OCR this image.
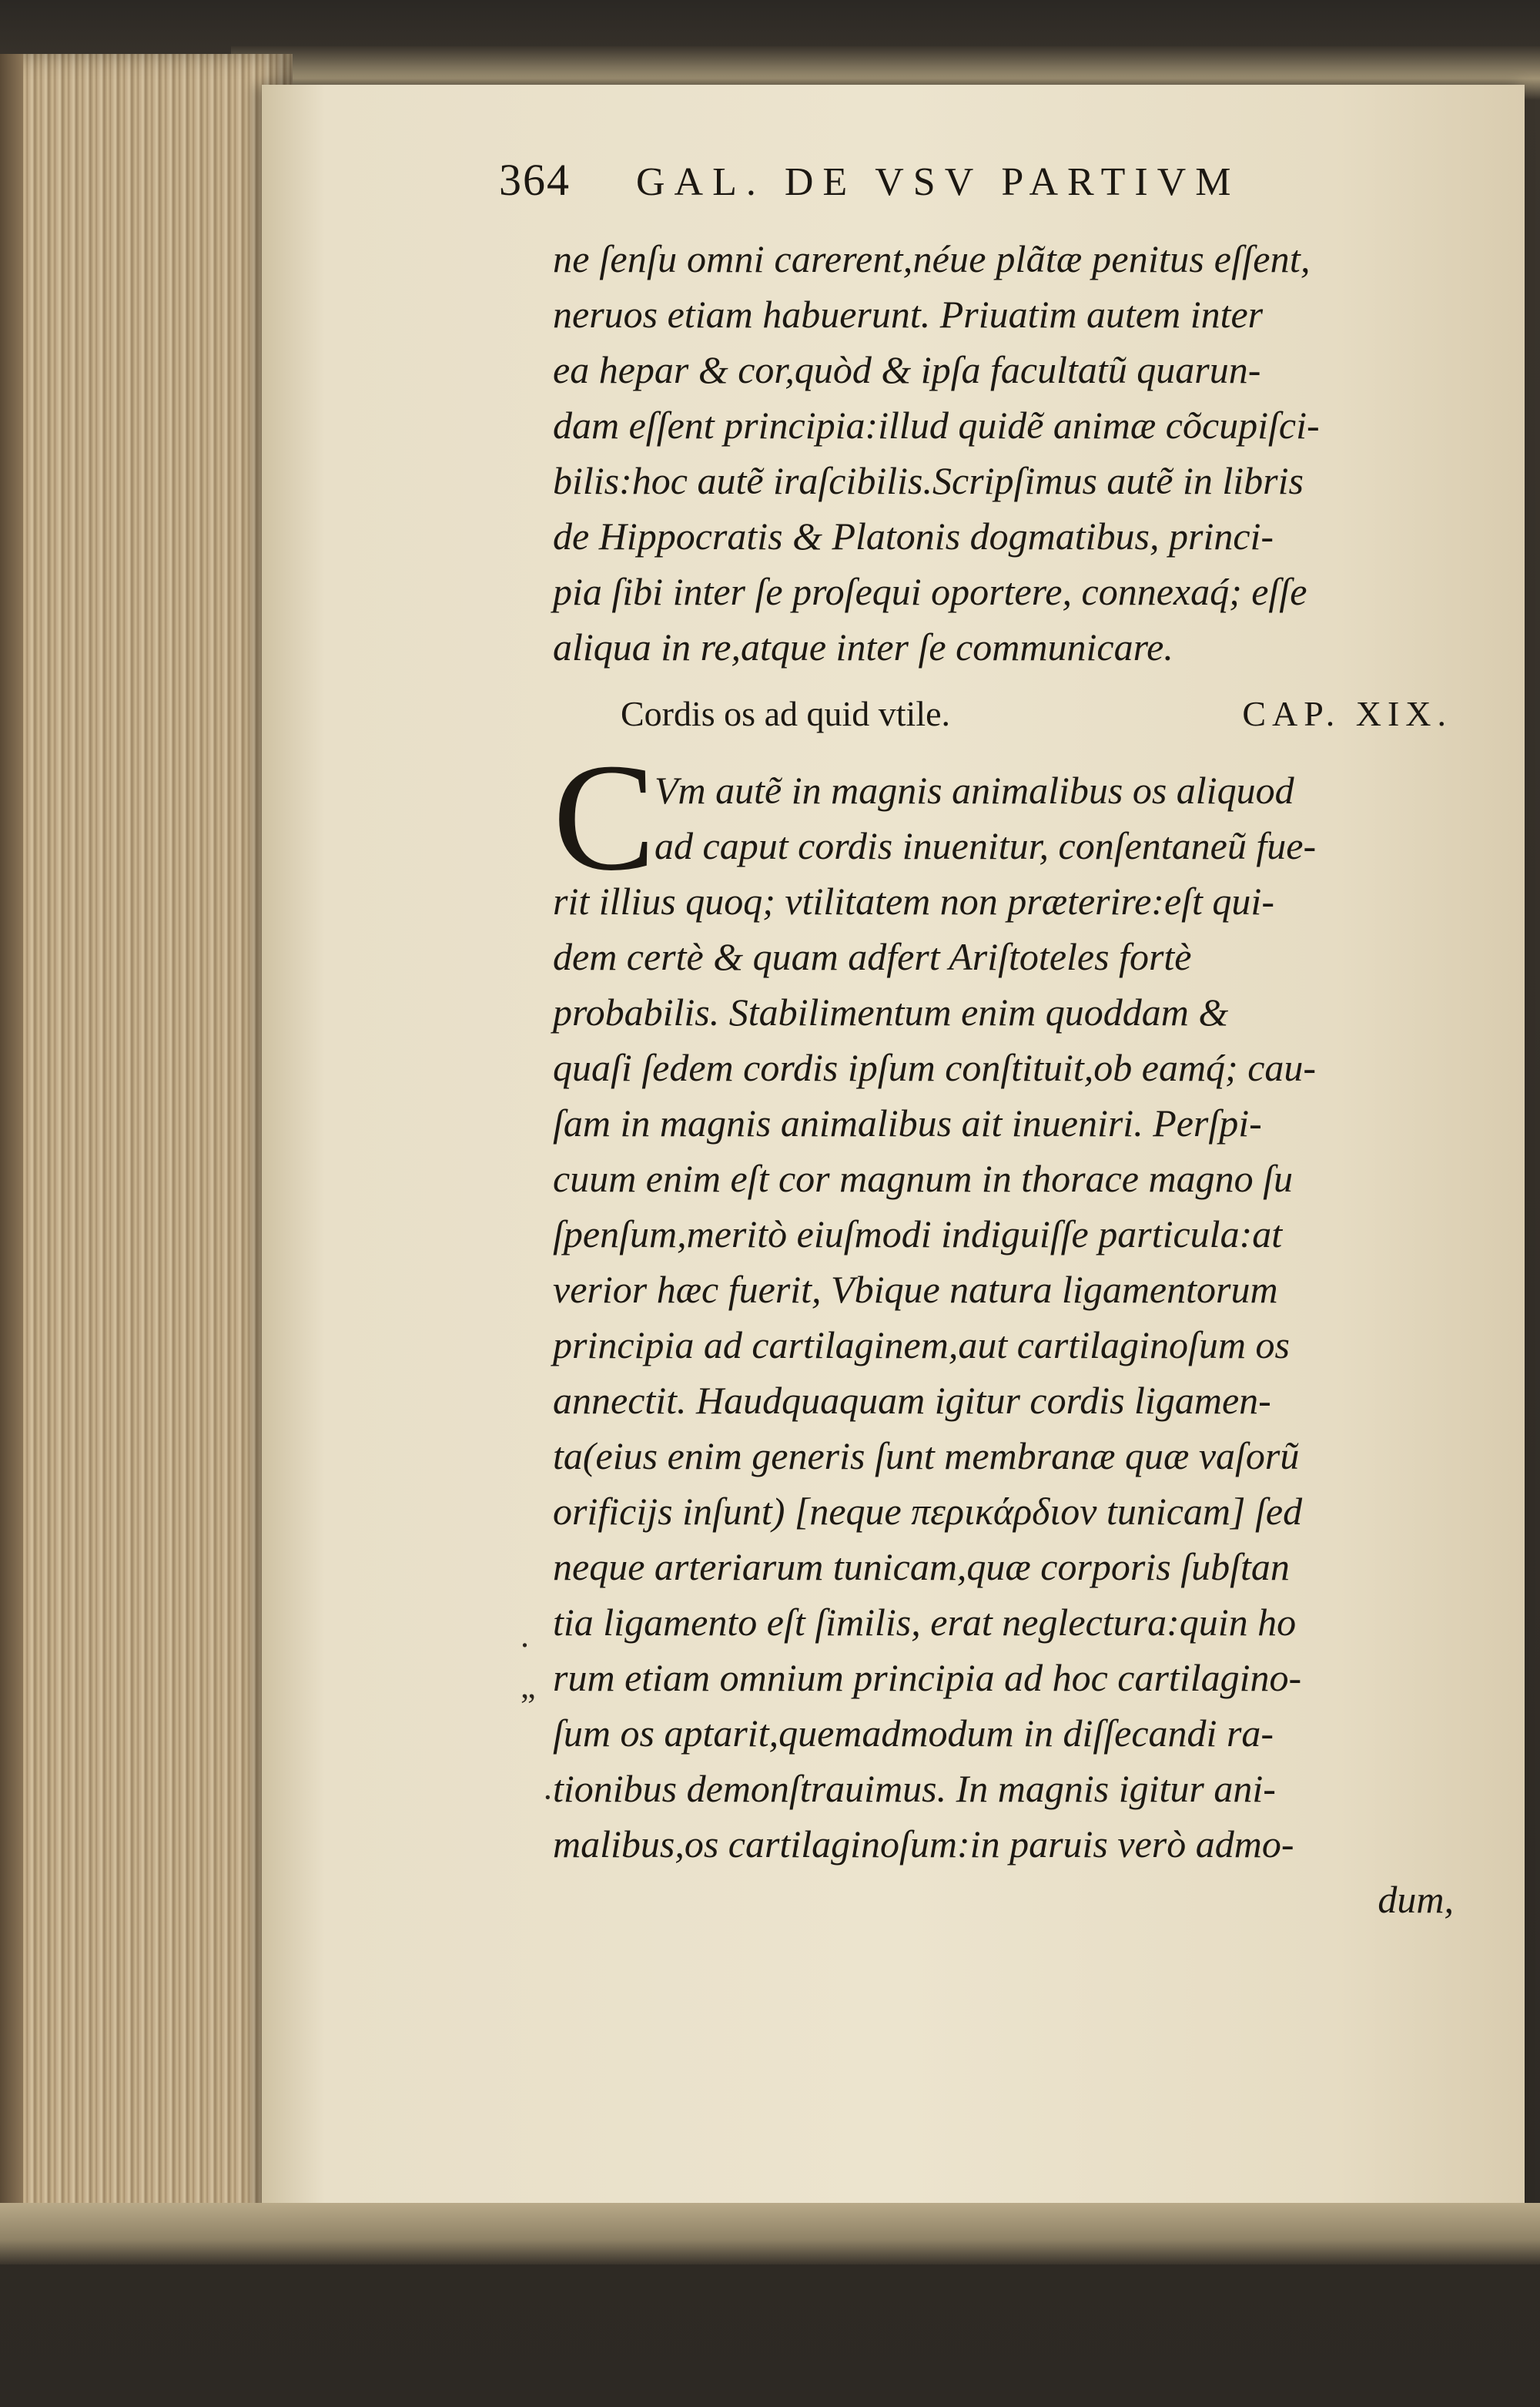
364 GAL. DE VSV PARTIVM
ne ſenſu omni carerent,néue plãtæ penitus eſſent,
neruos etiam habuerunt. Priuatim autem inter
ea hepar & cor,quòd & ipſa facultatũ quarun-
dam eſſent principia:illud quidẽ animæ cõcupiſci-
bilis:hoc autẽ iraſcibilis.Scripſimus autẽ in libris
de Hippocratis & Platonis dogmatibus, princi-
pia ſibi inter ſe proſequi oportere, connexaq́; eſſe
aliqua in re,atque inter ſe communicare.
Cordis os ad quid vtile.	CAP. XIX.
C
Vm autẽ in magnis animalibus os aliquod
ad caput cordis inuenitur, conſentaneũ fue-
rit illius quoq; vtilitatem non præterire:eſt qui-
dem certè & quam adfert Ariſtoteles fortè
probabilis. Stabilimentum enim quoddam &
quaſi ſedem cordis ipſum conſtituit,ob eamq́; cau-
ſam in magnis animalibus ait inueniri. Perſpi-
cuum enim eſt cor magnum in thorace magno ſu
ſpenſum,meritò eiuſmodi indiguiſſe particula:at
verior hæc fuerit, Vbique natura ligamentorum
principia ad cartilaginem,aut cartilaginoſum os
annectit. Haudquaquam igitur cordis ligamen-
ta(eius enim generis ſunt membranæ quæ vaſorũ
orificijs inſunt) [neque περικάρδιον tunicam] ſed
neque arteriarum tunicam,quæ corporis ſubſtan
tia ligamento eſt ſimilis, erat neglectura:quin ho
rum etiam omnium principia ad hoc cartilagino-
ſum os aptarit,quemadmodum in diſſecandi ra-
tionibus demonſtrauimus. In magnis igitur ani-
malibus,os cartilaginoſum:in paruis verò admo-
dum,
.
„
·
